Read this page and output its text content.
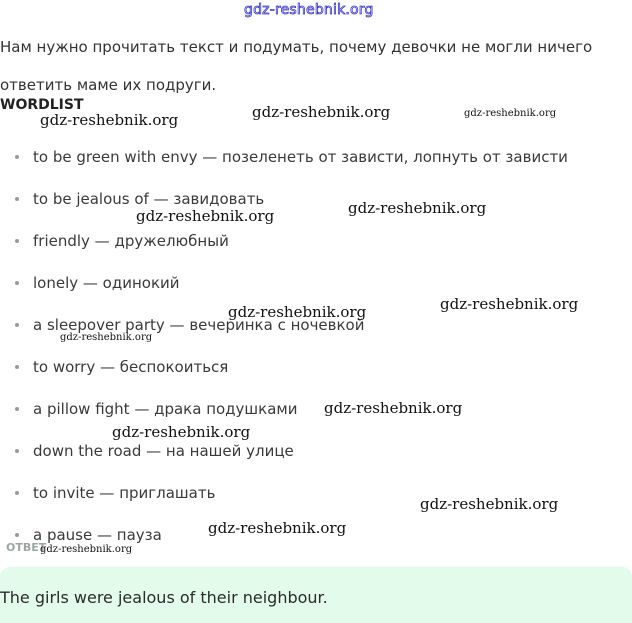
gdz-reshebnik.org
Нам нужно прочитать текст и подумать, почему девочки не могли ничего
ответить маме их подруги.
WORDLIST
to be green with envy — позеленеть от зависти, лопнуть от зависти
to be jealous of — завидовать
friendly — дружелюбный
lonely — одинокий
a sleepover party — вечеринка с ночевкой
to worry — беспокоиться
a pillow fight — драка подушками
down the road — на нашей улице
to invite — приглашать
a pause — пауза
ОТВЕТ
The girls were jealous of their neighbour.
gdz-reshebnik.org	gdz-reshebnik.org	gdz-reshebnik.org
gdz-reshebnik.org	gdz-reshebnik.org
gdz-reshebnik.org	gdz-reshebnik.org
gdz-reshebnik.org
gdz-reshebnik.org
gdz-reshebnik.org
gdz-reshebnik.org
gdz-reshebnik.org
gdz-reshebnik.org
